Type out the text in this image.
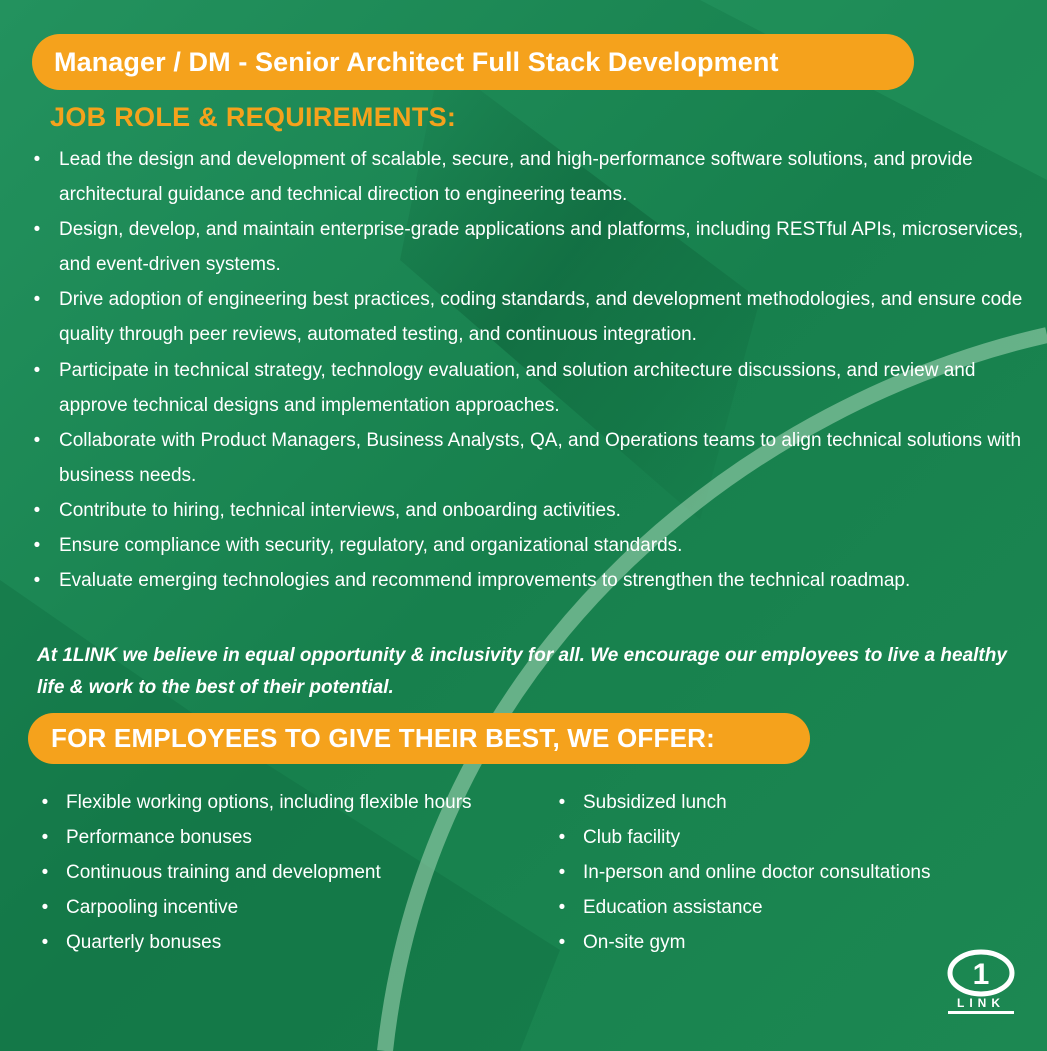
Manager / DM - Senior Architect Full Stack Development
JOB ROLE & REQUIREMENTS:
• Lead the design and development of scalable, secure, and high-performance software solutions, and provide architectural guidance and technical direction to engineering teams.
• Design, develop, and maintain enterprise-grade applications and platforms, including RESTful APIs, microservices, and event-driven systems.
• Drive adoption of engineering best practices, coding standards, and development methodologies, and ensure code quality through peer reviews, automated testing, and continuous integration.
• Participate in technical strategy, technology evaluation, and solution architecture discussions, and review and approve technical designs and implementation approaches.
• Collaborate with Product Managers, Business Analysts, QA, and Operations teams to align technical solutions with business needs.
• Contribute to hiring, technical interviews, and onboarding activities.
• Ensure compliance with security, regulatory, and organizational standards.
• Evaluate emerging technologies and recommend improvements to strengthen the technical roadmap.
At 1LINK we believe in equal opportunity & inclusivity for all. We encourage our employees to live a healthy life & work to the best of their potential.
FOR EMPLOYEES TO GIVE THEIR BEST, WE OFFER:
• Flexible working options, including flexible hours
• Performance bonuses
• Continuous training and development
• Carpooling incentive
• Quarterly bonuses
• Subsidized lunch
• Club facility
• In-person and online doctor consultations
• Education assistance
• On-site gym
1
LINK
